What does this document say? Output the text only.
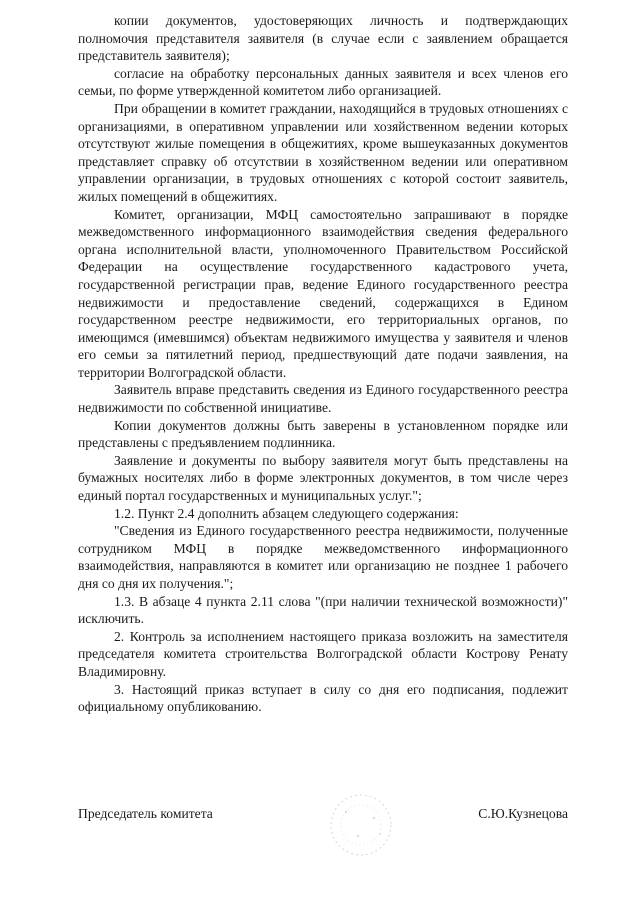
копии документов, удостоверяющих личность и подтверждающих полномочия представителя заявителя (в случае если с заявлением обращается представитель заявителя);

согласие на обработку персональных данных заявителя и всех членов его семьи, по форме утвержденной комитетом либо организацией.

При обращении в комитет граждании, находящийся в трудовых отношениях с организациями, в оперативном управлении или хозяйственном ведении которых отсутствуют жилые помещения в общежитиях, кроме вышеуказанных документов представляет справку об отсутствии в хозяйственном ведении или оперативном управлении организации, в трудовых отношениях с которой состоит заявитель, жилых помещений в общежитиях.

Комитет, организации, МФЦ самостоятельно запрашивают в порядке межведомственного информационного взаимодействия сведения федерального органа исполнительной власти, уполномоченного Правительством Российской Федерации на осуществление государственного кадастрового учета, государственной регистрации прав, ведение Единого государственного реестра недвижимости и предоставление сведений, содержащихся в Едином государственном реестре недвижимости, его территориальных органов, по имеющимся (имевшимся) объектам недвижимого имущества у заявителя и членов его семьи за пятилетний период, предшествующий дате подачи заявления, на территории Волгоградской области.

Заявитель вправе представить сведения из Единого государственного реестра недвижимости по собственной инициативе.

Копии документов должны быть заверены в установленном порядке или представлены с предъявлением подлинника.

Заявление и документы по выбору заявителя могут быть представлены на бумажных носителях либо в форме электронных документов, в том числе через единый портал государственных и муниципальных услуг.";

1.2. Пункт 2.4 дополнить абзацем следующего содержания:

"Сведения из Единого государственного реестра недвижимости, полученные сотрудником МФЦ в порядке межведомственного информационного взаимодействия, направляются в комитет или организацию не позднее 1 рабочего дня со дня их получения.";

1.3. В абзаце 4 пункта 2.11 слова "(при наличии технической возможности)" исключить.

2. Контроль за исполнением настоящего приказа возложить на заместителя председателя комитета строительства Волгоградской области Кострову Ренату Владимировну.

3. Настоящий приказ вступает в силу со дня его подписания, подлежит официальному опубликованию.

Председатель комитета	С.Ю.Кузнецова
